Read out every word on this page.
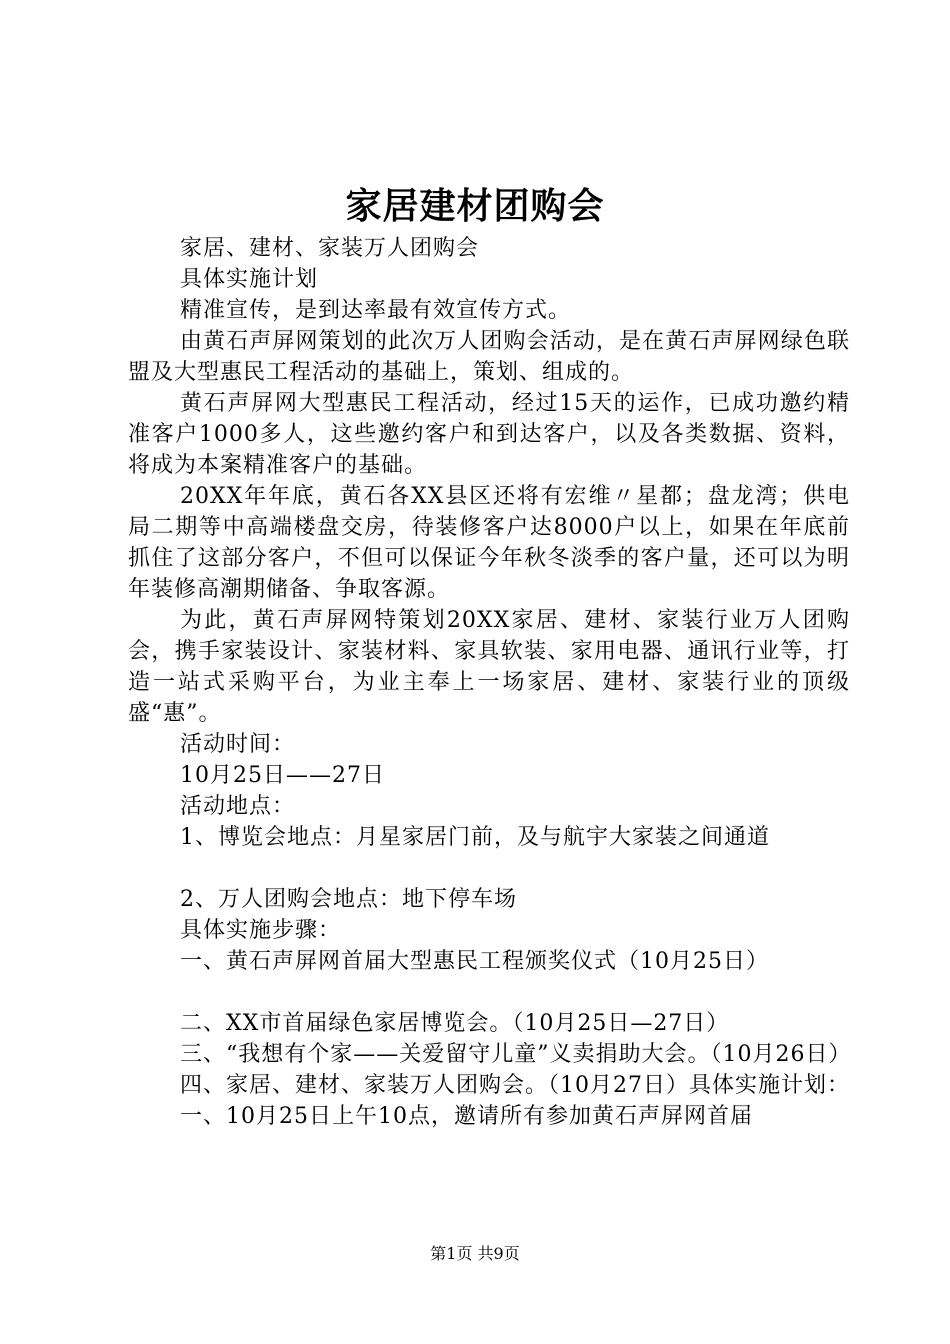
家居建材团购会

家居、建材、家装万人团购会

具体实施计划

精准宣传，是到达率最有效宣传方式。

由黄石声屏网策划的此次万人团购会活动，是在黄石声屏网绿色联盟及大型惠民工程活动的基础上，策划、组成的。

黄石声屏网大型惠民工程活动，经过15天的运作，已成功邀约精准客户1000多人，这些邀约客户和到达客户，以及各类数据、资料，将成为本案精准客户的基础。

20XX年年底，黄石各XX县区还将有宏维〃星都；盘龙湾；供电局二期等中高端楼盘交房，待装修客户达8000户以上，如果在年底前抓住了这部分客户，不但可以保证今年秋冬淡季的客户量，还可以为明年装修高潮期储备、争取客源。

为此，黄石声屏网特策划20XX家居、建材、家装行业万人团购会，携手家装设计、家装材料、家具软装、家用电器、通讯行业等，打造一站式采购平台，为业主奉上一场家居、建材、家装行业的顶级盛“惠”。

活动时间：

10月25日——27日

活动地点：

1、博览会地点：月星家居门前，及与航宇大家装之间通道

2、万人团购会地点：地下停车场

具体实施步骤：

一、黄石声屏网首届大型惠民工程颁奖仪式（10月25日）

二、XX市首届绿色家居博览会。（10月25日—27日）

三、“我想有个家——关爱留守儿童”义卖捐助大会。（10月26日）

四、家居、建材、家装万人团购会。（10月27日）具体实施计划：

一、10月25日上午10点，邀请所有参加黄石声屏网首届

第1页 共9页
